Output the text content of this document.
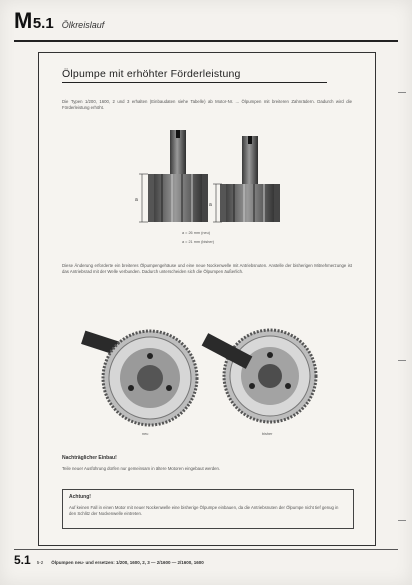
M 5.1 Ölkreislauf
Ölpumpe mit erhöhter Förderleistung
Die Typen 1/200, 1600, 2 und 3 erhalten (Einbaudaten siehe Tabelle) ab Motor-Nr. ... Ölpumpen mit breiteren Zahnrädern. Dadurch wird die Förderleistung erhöht.
a
a
a = 26 mm (neu)
a = 21 mm (bisher)
Diese Änderung erforderte ein breiteres Ölpumpengehäuse und eine neue Nockenwelle mit Antriebsnuten. Anstelle der bisherigen Mitnehmerzunge ist das Antriebsrad mit der Welle verbunden. Dadurch unterscheiden sich die Ölpumpen äußerlich.
neu	bisher
Nachträglicher Einbau!
Teile neuer Ausführung dürfen nur gemeinsam in ältere Motoren eingebaut werden.
Achtung!
Auf keinen Fall in einen Motor mit neuer Nockenwelle eine bisherige Ölpumpe einbauen, da die Antriebsnuten der Ölpumpe nicht tief genug in den Schlitz der Nockenwelle eintreten.
5.1 5-2 Ölpumpen neu- und ersetzen: 1/200, 1600, 2, 3 — 2/1600 — 2/1600, 1600
